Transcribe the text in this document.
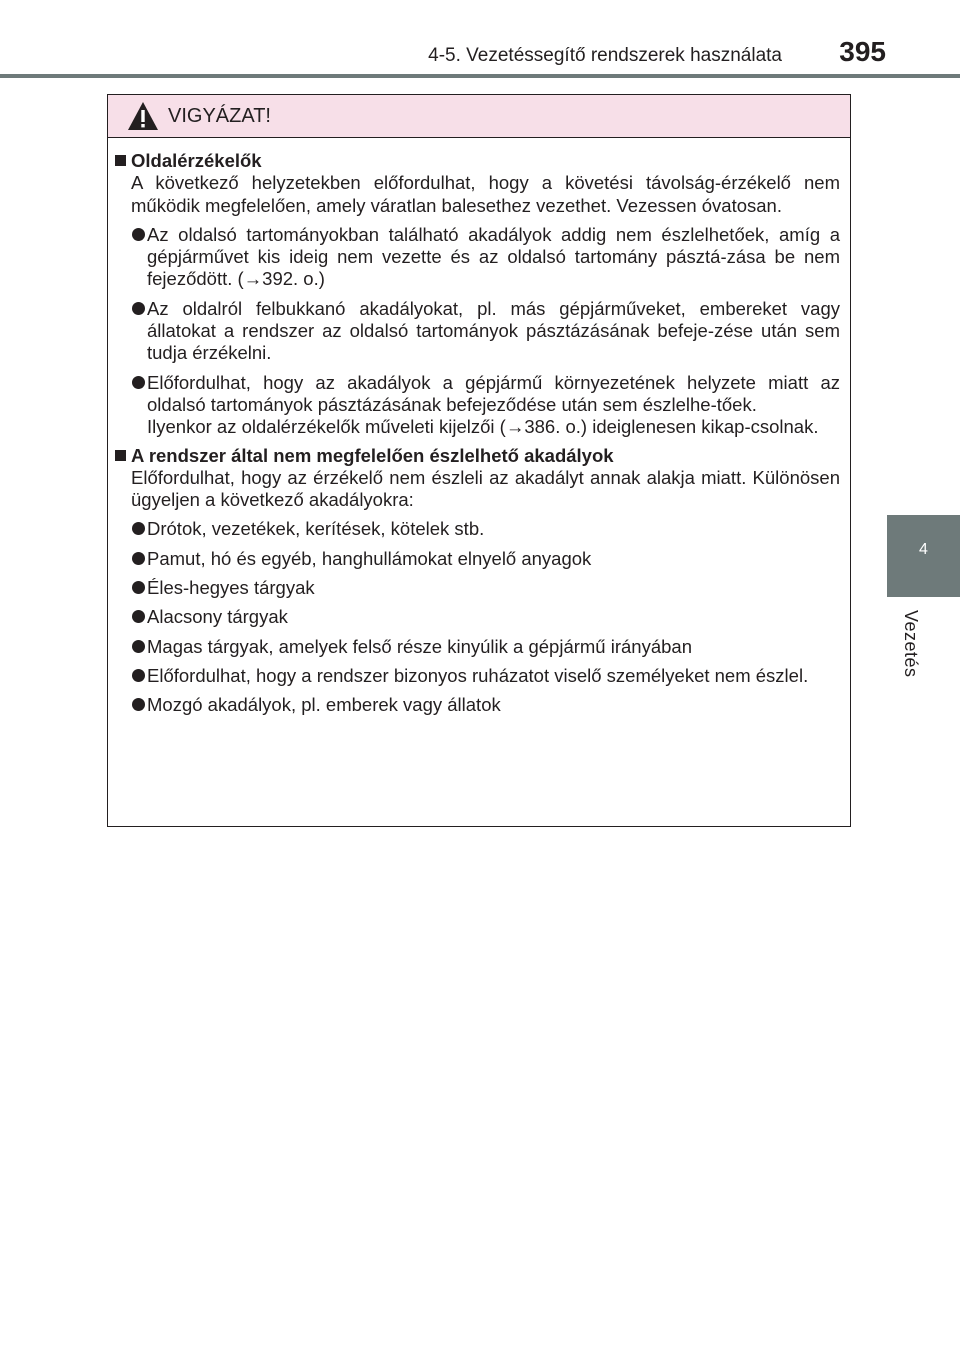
4-5. Vezetéssegítő rendszerek használata	395
4
Vezetés
VIGYÁZAT!
Oldalérzékelők
A következő helyzetekben előfordulhat, hogy a követési távolság-érzékelő nem működik megfelelően, amely váratlan balesethez vezethet. Vezessen óvatosan.
Az oldalsó tartományokban található akadályok addig nem észlelhetőek, amíg a gépjárművet kis ideig nem vezette és az oldalsó tartomány pásztá-zása be nem fejeződött. (→392. o.)
Az oldalról felbukkanó akadályokat, pl. más gépjárműveket, embereket vagy állatokat a rendszer az oldalsó tartományok pásztázásának befeje-zése után sem tudja érzékelni.
Előfordulhat, hogy az akadályok a gépjármű környezetének helyzete miatt az oldalsó tartományok pásztázásának befejeződése után sem észlelhe-tőek.
Ilyenkor az oldalérzékelők műveleti kijelzői (→386. o.) ideiglenesen kikap-csolnak.
A rendszer által nem megfelelően észlelhető akadályok
Előfordulhat, hogy az érzékelő nem észleli az akadályt annak alakja miatt. Különösen ügyeljen a következő akadályokra:
Drótok, vezetékek, kerítések, kötelek stb.
Pamut, hó és egyéb, hanghullámokat elnyelő anyagok
Éles-hegyes tárgyak
Alacsony tárgyak
Magas tárgyak, amelyek felső része kinyúlik a gépjármű irányában
Előfordulhat, hogy a rendszer bizonyos ruházatot viselő személyeket nem észlel.
Mozgó akadályok, pl. emberek vagy állatok
